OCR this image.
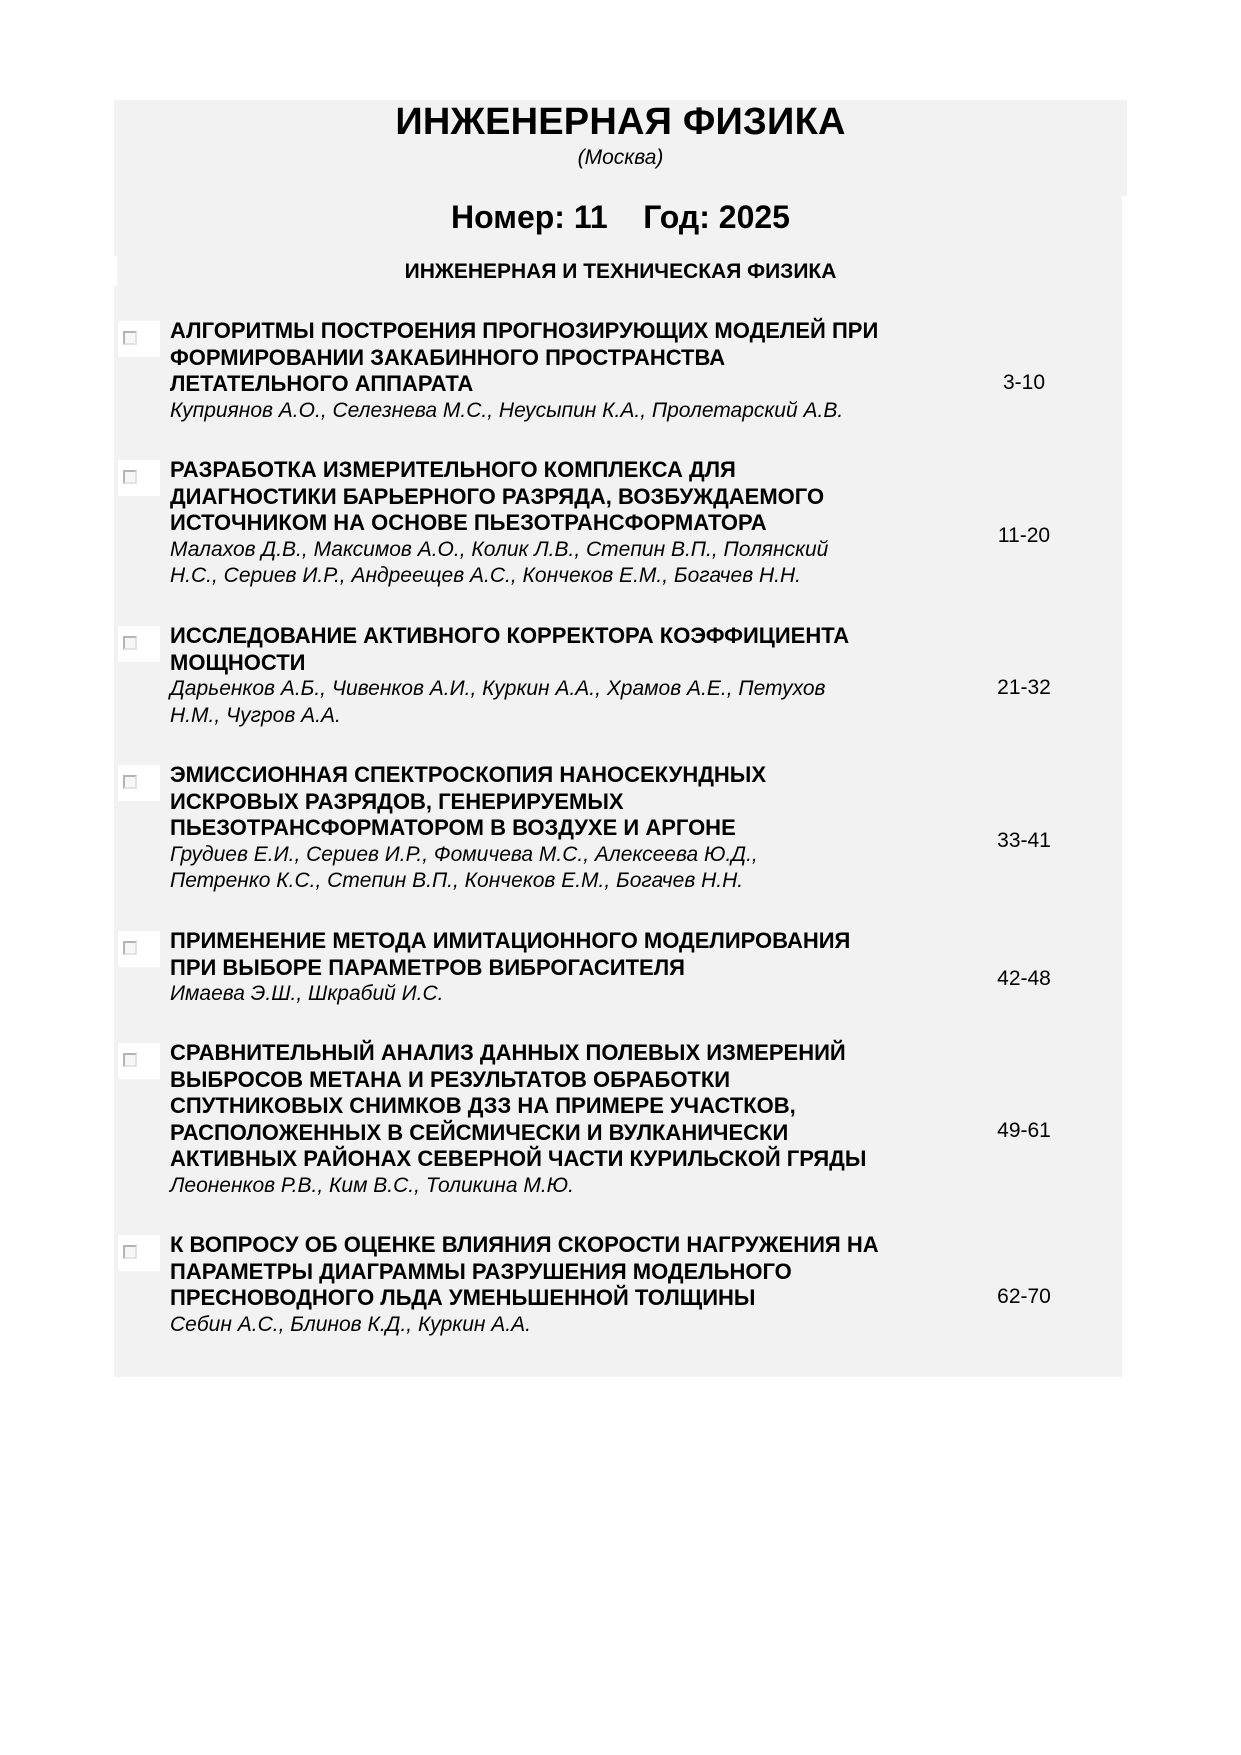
ИНЖЕНЕРНАЯ ФИЗИКА
(Москва)
Номер: 11    Год: 2025
ИНЖЕНЕРНАЯ И ТЕХНИЧЕСКАЯ ФИЗИКА

АЛГОРИТМЫ ПОСТРОЕНИЯ ПРОГНОЗИРУЮЩИХ МОДЕЛЕЙ ПРИ
ФОРМИРОВАНИИ ЗАКАБИННОГО ПРОСТРАНСТВА
ЛЕТАТЕЛЬНОГО АППАРАТА

Куприянов А.О., Селезнева М.С., Неусыпин К.А., Пролетарский А.В.

3-10

РАЗРАБОТКА ИЗМЕРИТЕЛЬНОГО КОМПЛЕКСА ДЛЯ
ДИАГНОСТИКИ БАРЬЕРНОГО РАЗРЯДА, ВОЗБУЖДАЕМОГО
ИСТОЧНИКОМ НА ОСНОВЕ ПЬЕЗОТРАНСФОРМАТОРА

Малахов Д.В., Максимов А.О., Колик Л.В., Степин В.П., Полянский
Н.С., Сериев И.Р., Андреещев А.С., Кончеков Е.М., Богачев Н.Н.

11-20

ИССЛЕДОВАНИЕ АКТИВНОГО КОРРЕКТОРА КОЭФФИЦИЕНТА
МОЩНОСТИ

Дарьенков А.Б., Чивенков А.И., Куркин А.А., Храмов А.Е., Петухов
Н.М., Чугров А.А.

21-32

ЭМИССИОННАЯ СПЕКТРОСКОПИЯ НАНОСЕКУНДНЫХ
ИСКРОВЫХ РАЗРЯДОВ, ГЕНЕРИРУЕМЫХ
ПЬЕЗОТРАНСФОРМАТОРОМ В ВОЗДУХЕ И АРГОНЕ

Грудиев Е.И., Сериев И.Р., Фомичева М.С., Алексеева Ю.Д.,
Петренко К.С., Степин В.П., Кончеков Е.М., Богачев Н.Н.

33-41

ПРИМЕНЕНИЕ МЕТОДА ИМИТАЦИОННОГО МОДЕЛИРОВАНИЯ
ПРИ ВЫБОРЕ ПАРАМЕТРОВ ВИБРОГАСИТЕЛЯ

Имаева Э.Ш., Шкрабий И.С.

42-48

СРАВНИТЕЛЬНЫЙ АНАЛИЗ ДАННЫХ ПОЛЕВЫХ ИЗМЕРЕНИЙ
ВЫБРОСОВ МЕТАНА И РЕЗУЛЬТАТОВ ОБРАБОТКИ
СПУТНИКОВЫХ СНИМКОВ ДЗЗ НА ПРИМЕРЕ УЧАСТКОВ,
РАСПОЛОЖЕННЫХ В СЕЙСМИЧЕСКИ И ВУЛКАНИЧЕСКИ
АКТИВНЫХ РАЙОНАХ СЕВЕРНОЙ ЧАСТИ КУРИЛЬСКОЙ ГРЯДЫ

Леоненков Р.В., Ким В.С., Толикина М.Ю.

49-61

К ВОПРОСУ ОБ ОЦЕНКЕ ВЛИЯНИЯ СКОРОСТИ НАГРУЖЕНИЯ НА
ПАРАМЕТРЫ ДИАГРАММЫ РАЗРУШЕНИЯ МОДЕЛЬНОГО
ПРЕСНОВОДНОГО ЛЬДА УМЕНЬШЕННОЙ ТОЛЩИНЫ

Себин А.С., Блинов К.Д., Куркин А.А.

62-70
